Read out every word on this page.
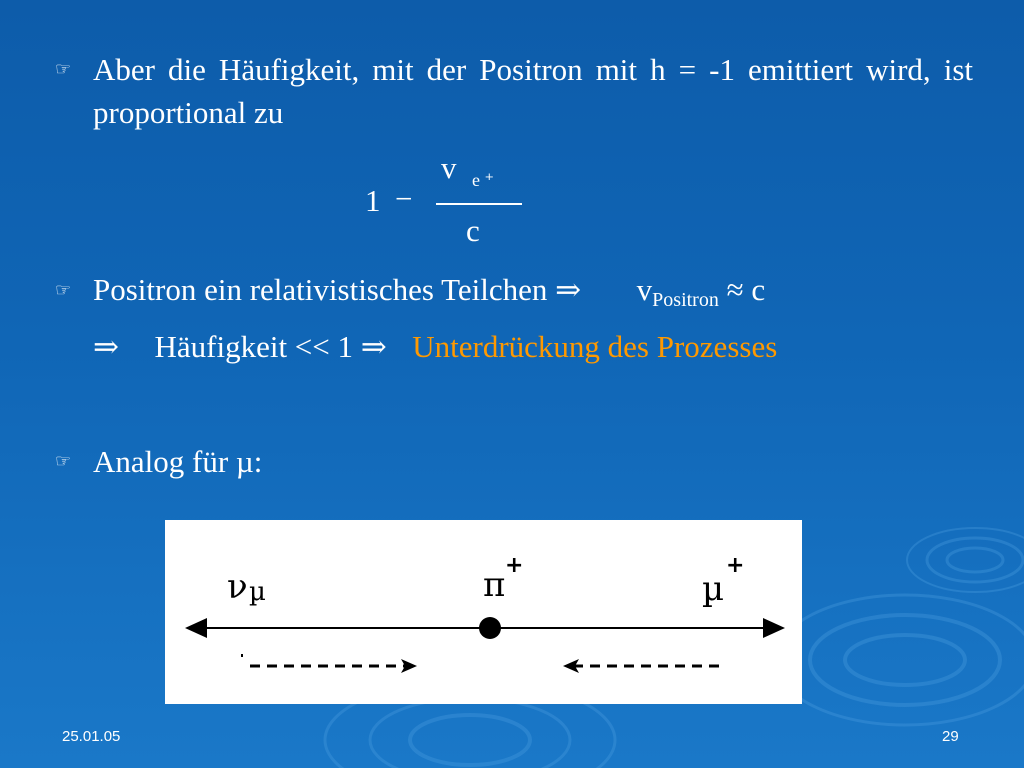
☞ Aber die Häufigkeit, mit der Positron mit h = -1 emittiert wird, ist proportional zu
1 −
v e ⁺
c
☞ Positron ein relativistisches Teilchen ⇒ vPositron ≈ c
⇒ Häufigkeit << 1 ⇒ Unterdrückung des Prozesses
☞ Analog für µ:
ν µ	π +
µ
+
25.01.05	29
